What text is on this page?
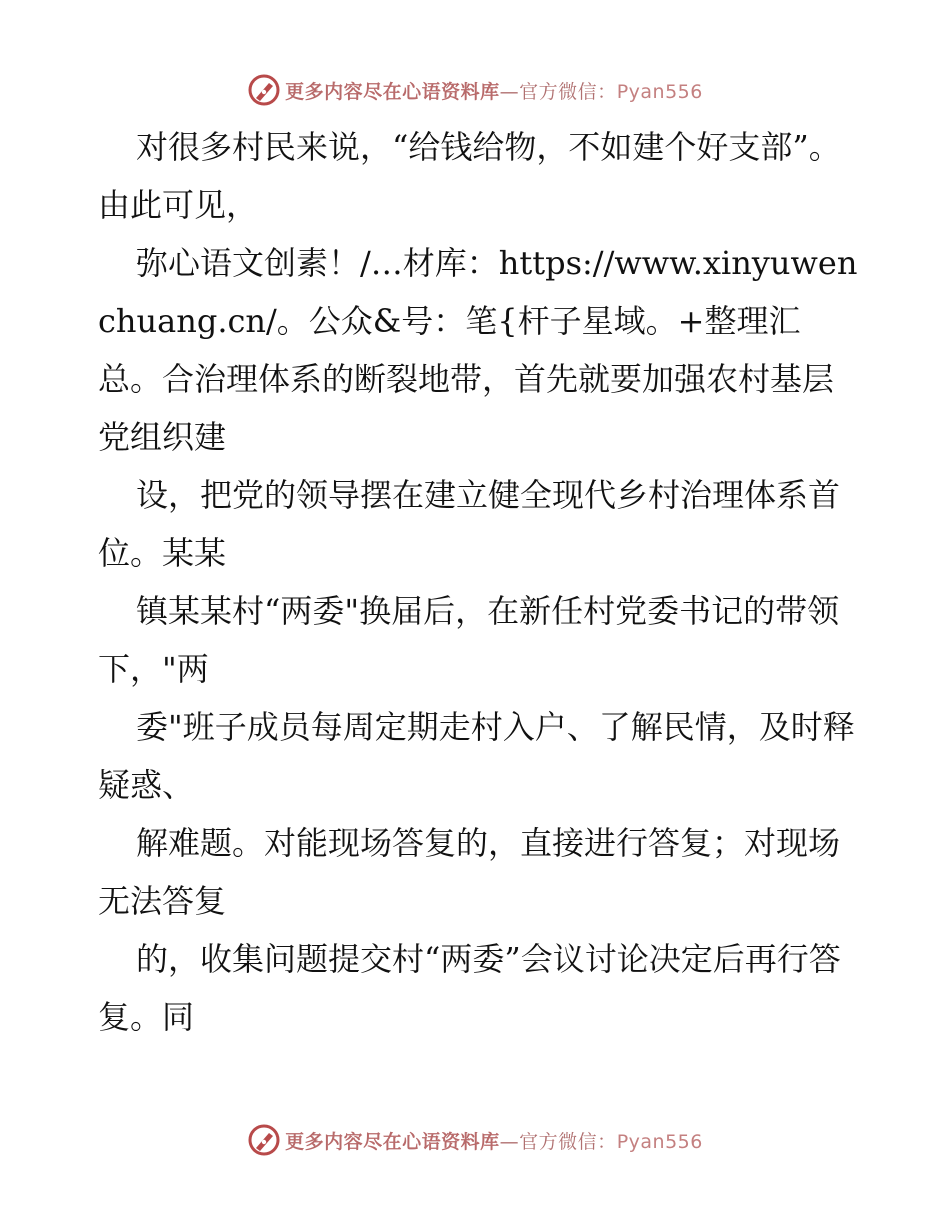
更多内容尽在心语资料库—官方微信：Pyan556

对很多村民来说，“给钱给物，不如建个好支部”。由此可见，

弥心语文创素！/…材库：https://www.xinyuwenchuang.cn/。公众&号：笔{杆子星域。+整理汇总。合治理体系的断裂地带，首先就要加强农村基层党组织建

设，把党的领导摆在建立健全现代乡村治理体系首位。某某

镇某某村“两委"换届后，在新任村党委书记的带领下，"两

委"班子成员每周定期走村入户、了解民情，及时释疑惑、

解难题。对能现场答复的，直接进行答复；对现场无法答复

的，收集问题提交村“两委”会议讨论决定后再行答复。同

更多内容尽在心语资料库—官方微信：Pyan556
